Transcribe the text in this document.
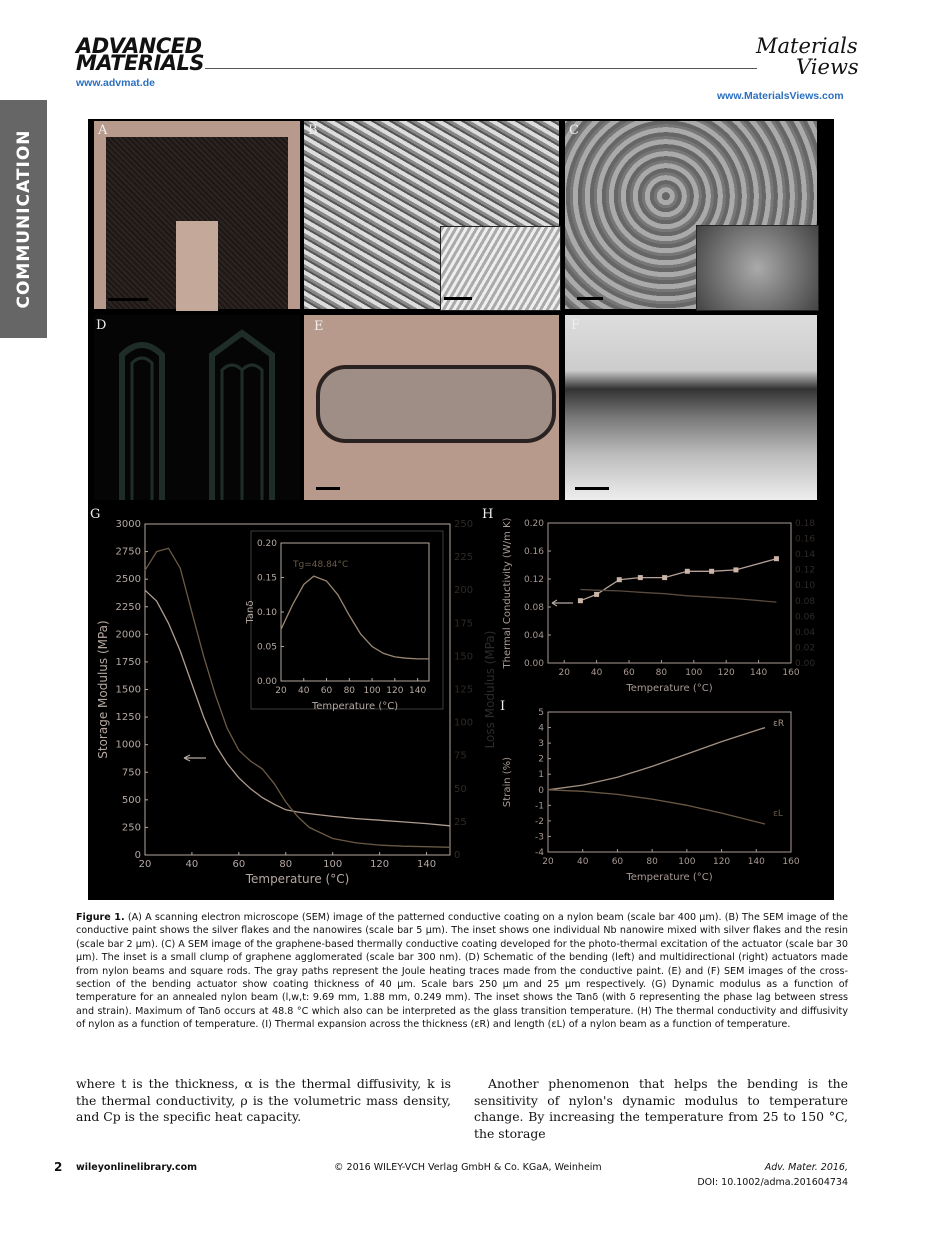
COMMUNICATION
ADVANCED
MATERIALS
www.advmat.de
Materials
Views
www.MaterialsViews.com
A	B	C
D	E	F
G	H
I
20	40	60	80	100	120	140
0
250
500
750
1000
1250
1500
1750
2000
2250
2500
2750
3000
0
25
50
75
100
125
150
175
200
225
250
Temperature (°C)
Storage Modulus (MPa)	Loss Modulus (MPa)
20 40 60 80 100 120 140
0.00
0.05
0.10
0.15
0.20
Temperature (°C)
Tanδ
Tg=48.84°C
20 40 60 80 100 120 140 160
0.00
0.04
0.08
0.12
0.16
0.20
0.00
0.02
0.04
0.06
0.08
0.10
0.12
0.14
0.16
0.18
Temperature (°C)
Thermal Conductivity (W/m K)
20	40	60	80 100 120 140 160
-4
-3
-2
-1
0
1
2
3
4
5
Temperature (°C)
Strain (%)
εR
εL
Figure 1. (A) A scanning electron microscope (SEM) image of the patterned conductive coating on a nylon beam (scale bar 400 μm). (B) The SEM image of the conductive paint shows the silver flakes and the nanowires (scale bar 5 μm). The inset shows one individual Nb nanowire mixed with silver flakes and the resin (scale bar 2 μm). (C) A SEM image of the graphene-based thermally conductive coating developed for the photo-thermal excitation of the actuator (scale bar 30 μm). The inset is a small clump of graphene agglomerated (scale bar 300 nm). (D) Schematic of the bending (left) and multidirectional (right) actuators made from nylon beams and square rods. The gray paths represent the Joule heating traces made from the conductive paint. (E) and (F) SEM images of the cross-section of the bending actuator show coating thickness of 40 μm. Scale bars 250 μm and 25 μm respectively. (G) Dynamic modulus as a function of temperature for an annealed nylon beam (l,w,t: 9.69 mm, 1.88 mm, 0.249 mm). The inset shows the Tanδ (with δ representing the phase lag between stress and strain). Maximum of Tanδ occurs at 48.8 °C which also can be interpreted as the glass transition temperature. (H) The thermal conductivity and diffusivity of nylon as a function of temperature. (I) Thermal expansion across the thickness (εR) and length (εL) of a nylon beam as a function of temperature.
where t is the thickness, α is the thermal diffusivity, k is the thermal conductivity, ρ is the volumetric mass density, and Cp is the specific heat capacity.
Another phenomenon that helps the bending is the sensitivity of nylon's dynamic modulus to temperature change. By increasing the temperature from 25 to 150 °C, the storage
2 wileyonlinelibrary.com	© 2016 WILEY-VCH Verlag GmbH & Co. KGaA, Weinheim	Adv. Mater. 2016,
DOI: 10.1002/adma.201604734
